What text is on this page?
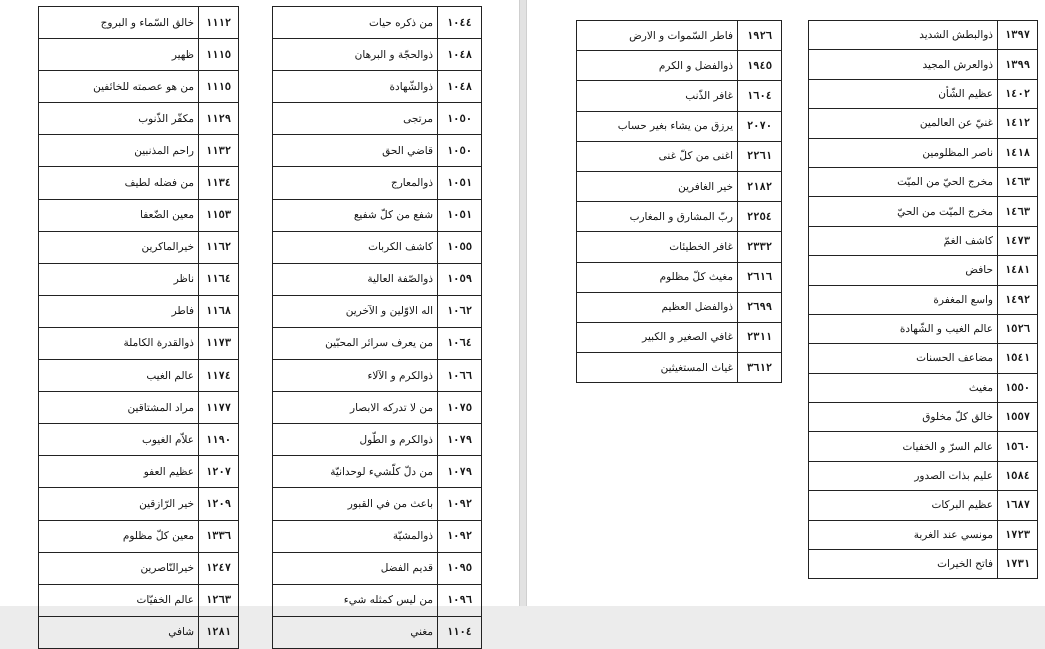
١١١٢	خالق السّماء و البروج
١١١٥	ظهير
١١١٥	من هو عصمته للخائفين
١١٢٩	مكفّر الذّنوب
١١٣٢	راحم المذنبين
١١٣٤	من فضله لطيف
١١٥٣	معين الضّعفا
١١٦٢	خيرالماكرين
١١٦٤	ناظر
١١٦٨	فاطر
١١٧٣	ذوالقدرة الكاملة
١١٧٤	عالم الغيب
١١٧٧	مراد المشتاقين
١١٩٠	علاّم الغيوب
١٢٠٧	عظيم العفو
١٢٠٩	خير الرّازقين
١٣٣٦	معين كلّ مظلوم
١٢٤٧	خيرالنّاصرين
١٢٦٣	عالم الخفيّات
١٢٨١	شافي
١٠٤٤	من ذكره حيات
١٠٤٨	ذوالحجّة و البرهان
١٠٤٨	ذوالشّهادة
١٠٥٠	مرتجى
١٠٥٠	قاضي الحق
١٠٥١	ذوالمعارج
١٠٥١	شفع من كلّ شفيع
١٠٥٥	كاشف الكربات
١٠٥٩	ذوالصّفة العالية
١٠٦٢	اله الاوّلين و الآخرين
١٠٦٤	من يعرف سرائر المحبّين
١٠٦٦	ذوالكرم و الآلاء
١٠٧٥	من لا تدركه الابصار
١٠٧٩	ذوالكرم و الطّول
١٠٧٩	من دلّ كلّشيء لوحدانيّة
١٠٩٢	باعث من في القبور
١٠٩٢	ذوالمشيّة
١٠٩٥	قديم الفضل
١٠٩٦	من ليس كمثله شيء
١١٠٤	مغني
١٩٢٦	فاطر السّموات و الارض
١٩٤٥	ذوالفضل و الكرم
١٦٠٤	غافر الذّنب
٢٠٧٠	يرزق من يشاء بغير حساب
٢٢٦١	اغنى من كلّ غنى
٢١٨٢	خير الغافرين
٢٢٥٤	ربّ المشارق و المغارب
٢٣٣٢	غافر الخطيئات
٢٦١٦	مغيث كلّ مظلوم
٢٦٩٩	ذوالفضل العظيم
٢٣١١	غافي الصغير و الكبير
٣٦١٢	غياث المستغيثين
١٣٩٧	ذوالبطش الشديد
١٣٩٩	ذوالعرش المجيد
١٤٠٢	عظيم الشّأن
١٤١٢	غنيّ عن العالمين
١٤١٨	ناصر المظلومين
١٤٦٣	مخرج الحيّ من الميّت
١٤٦٣	مخرج الميّت من الحيّ
١٤٧٣	كاشف الغمّ
١٤٨١	حافض
١٤٩٢	واسع المغفرة
١٥٢٦	عالم الغيب و الشّهادة
١٥٤١	مضاعف الحسنات
١٥٥٠	مغيث
١٥٥٧	خالق كلّ مخلوق
١٥٦٠	عالم السرّ و الخفيات
١٥٨٤	عليم بذات الصدور
١٦٨٧	عظيم البركات
١٧٢٣	مونسي عند الغربة
١٧٣١	فاتح الخيرات
